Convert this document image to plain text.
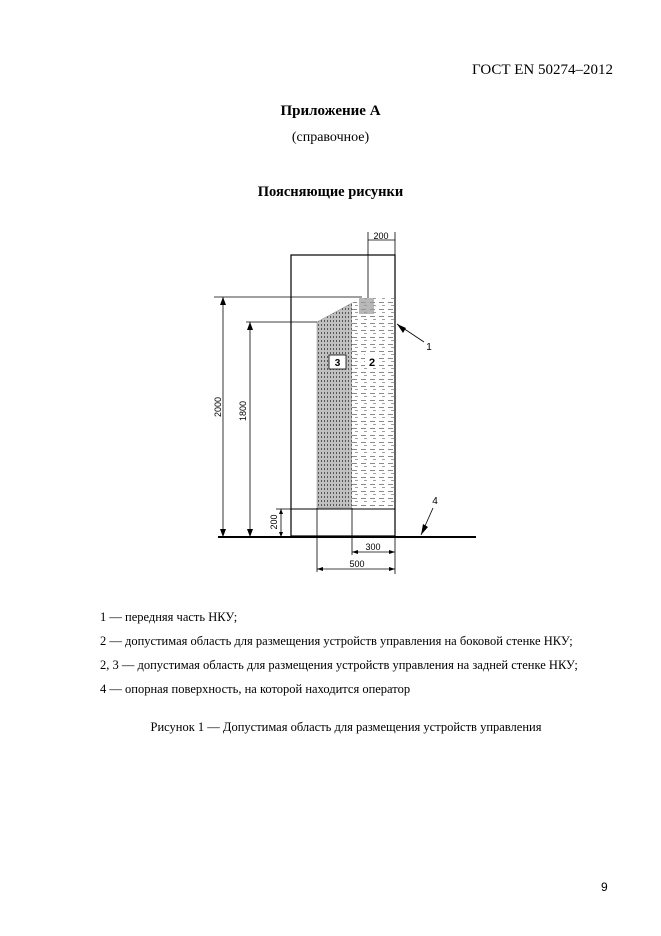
ГОСТ EN 50274–2012
Приложение А
(справочное)
Поясняющие рисунки
200
2000 1800
200
300
500
3	2
1
4
1 — передняя часть НКУ;
2 — допустимая область для размещения устройств управления на боковой стенке НКУ;
2, 3 — допустимая область для размещения устройств управления на задней стенке НКУ;
4 — опорная поверхность, на которой находится оператор
Рисунок 1 — Допустимая область для размещения устройств управления
9
